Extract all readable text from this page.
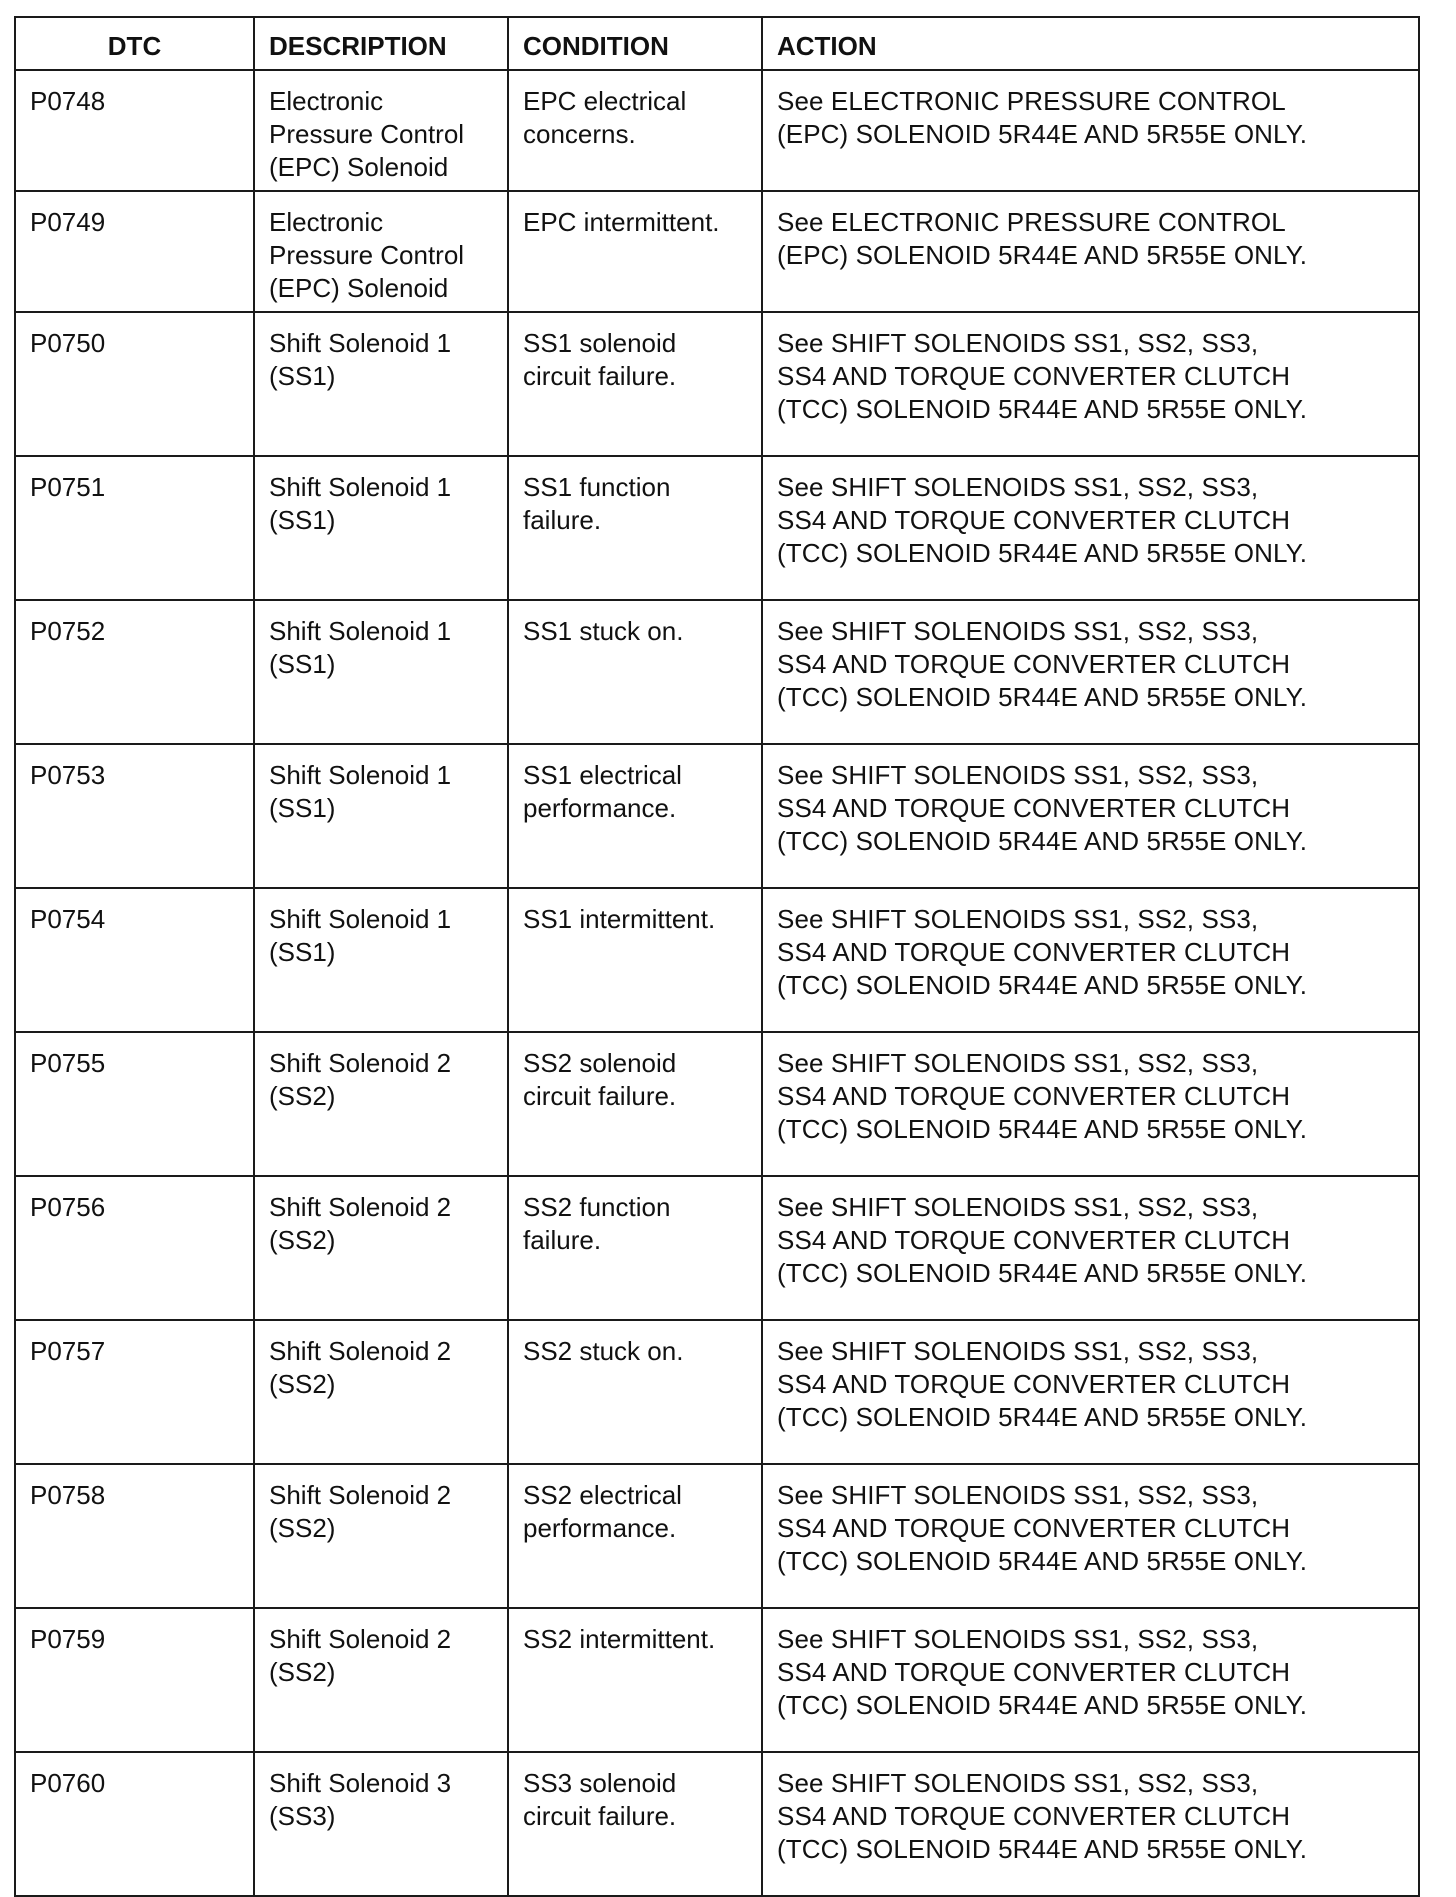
DTC	DESCRIPTION	CONDITION	ACTION

P0748	Electronic
Pressure Control
(EPC) Solenoid	EPC electrical
concerns.	See ELECTRONIC PRESSURE CONTROL
(EPC) SOLENOID 5R44E AND 5R55E ONLY.

P0749	Electronic
Pressure Control
(EPC) Solenoid	EPC intermittent.	See ELECTRONIC PRESSURE CONTROL
(EPC) SOLENOID 5R44E AND 5R55E ONLY.

P0750	Shift Solenoid 1
(SS1)	SS1 solenoid
circuit failure.	See SHIFT SOLENOIDS SS1, SS2, SS3,
SS4 AND TORQUE CONVERTER CLUTCH
(TCC) SOLENOID 5R44E AND 5R55E ONLY.

P0751	Shift Solenoid 1
(SS1)	SS1 function
failure.	See SHIFT SOLENOIDS SS1, SS2, SS3,
SS4 AND TORQUE CONVERTER CLUTCH
(TCC) SOLENOID 5R44E AND 5R55E ONLY.

P0752	Shift Solenoid 1
(SS1)	SS1 stuck on.	See SHIFT SOLENOIDS SS1, SS2, SS3,
SS4 AND TORQUE CONVERTER CLUTCH
(TCC) SOLENOID 5R44E AND 5R55E ONLY.

P0753	Shift Solenoid 1
(SS1)	SS1 electrical
performance.	See SHIFT SOLENOIDS SS1, SS2, SS3,
SS4 AND TORQUE CONVERTER CLUTCH
(TCC) SOLENOID 5R44E AND 5R55E ONLY.

P0754	Shift Solenoid 1
(SS1)	SS1 intermittent.	See SHIFT SOLENOIDS SS1, SS2, SS3,
SS4 AND TORQUE CONVERTER CLUTCH
(TCC) SOLENOID 5R44E AND 5R55E ONLY.

P0755	Shift Solenoid 2
(SS2)	SS2 solenoid
circuit failure.	See SHIFT SOLENOIDS SS1, SS2, SS3,
SS4 AND TORQUE CONVERTER CLUTCH
(TCC) SOLENOID 5R44E AND 5R55E ONLY.

P0756	Shift Solenoid 2
(SS2)	SS2 function
failure.	See SHIFT SOLENOIDS SS1, SS2, SS3,
SS4 AND TORQUE CONVERTER CLUTCH
(TCC) SOLENOID 5R44E AND 5R55E ONLY.

P0757	Shift Solenoid 2
(SS2)	SS2 stuck on.	See SHIFT SOLENOIDS SS1, SS2, SS3,
SS4 AND TORQUE CONVERTER CLUTCH
(TCC) SOLENOID 5R44E AND 5R55E ONLY.

P0758	Shift Solenoid 2
(SS2)	SS2 electrical
performance.	See SHIFT SOLENOIDS SS1, SS2, SS3,
SS4 AND TORQUE CONVERTER CLUTCH
(TCC) SOLENOID 5R44E AND 5R55E ONLY.

P0759	Shift Solenoid 2
(SS2)	SS2 intermittent.	See SHIFT SOLENOIDS SS1, SS2, SS3,
SS4 AND TORQUE CONVERTER CLUTCH
(TCC) SOLENOID 5R44E AND 5R55E ONLY.

P0760	Shift Solenoid 3
(SS3)	SS3 solenoid
circuit failure.	See SHIFT SOLENOIDS SS1, SS2, SS3,
SS4 AND TORQUE CONVERTER CLUTCH
(TCC) SOLENOID 5R44E AND 5R55E ONLY.
